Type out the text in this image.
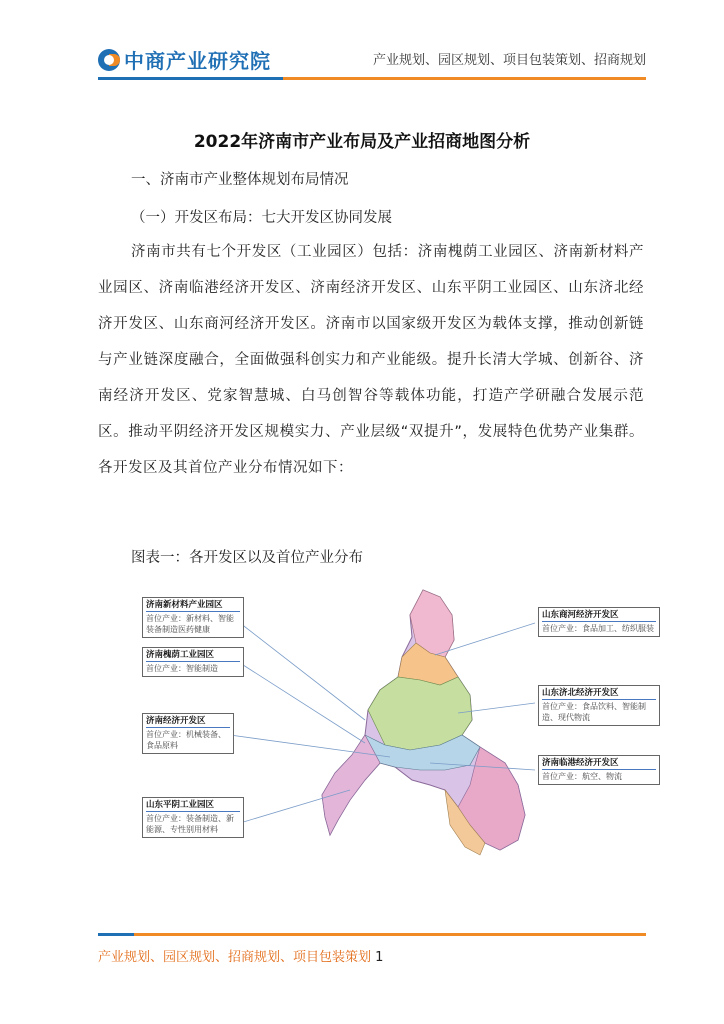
中商产业研究院	产业规划、园区规划、项目包装策划、招商规划
2022年济南市产业布局及产业招商地图分析
一、济南市产业整体规划布局情况
（一）开发区布局：七大开发区协同发展
济南市共有七个开发区（工业园区）包括：济南槐荫工业园区、济南新材料产业园区、济南临港经济开发区、济南经济开发区、山东平阴工业园区、山东济北经济开发区、山东商河经济开发区。济南市以国家级开发区为载体支撑，推动创新链与产业链深度融合，全面做强科创实力和产业能级。提升长清大学城、创新谷、济南经济开发区、党家智慧城、白马创智谷等载体功能，打造产学研融合发展示范区。推动平阴经济开发区规模实力、产业层级“双提升”，发展特色优势产业集群。各开发区及其首位产业分布情况如下：
图表一：各开发区以及首位产业分布
济南新材料产业园区
首位产业：新材料、智能装备制造医药健康
济南槐荫工业园区
首位产业：智能制造
济南经济开发区
首位产业：机械装备、食品原料
山东平阴工业园区
首位产业：装备制造、新能源、专性别用材料
山东商河经济开发区
首位产业：食品加工、纺织服装
山东济北经济开发区
首位产业：食品饮料、智能制造、现代物流
济南临港经济开发区
首位产业：航空、物流
产业规划、园区规划、招商规划、项目包装策划 1
